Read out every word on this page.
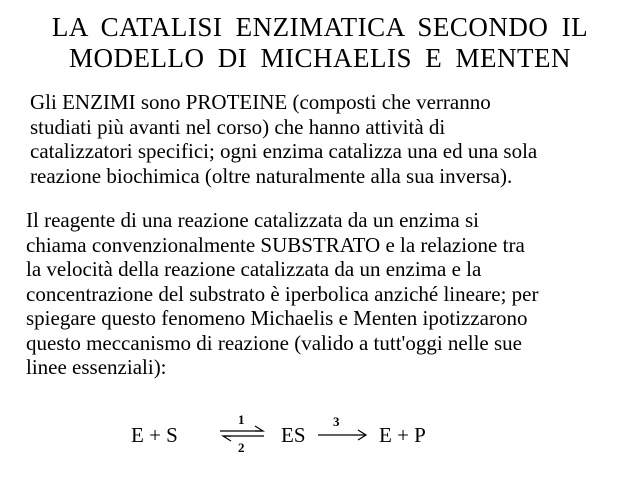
LA CATALISI ENZIMATICA SECONDO IL
MODELLO DI MICHAELIS E MENTEN
Gli ENZIMI sono PROTEINE (composti che verranno
studiati più avanti nel corso) che hanno attività di
catalizzatori specifici; ogni enzima catalizza una ed una sola
reazione biochimica (oltre naturalmente alla sua inversa).
Il reagente di una reazione catalizzata da un enzima si
chiama convenzionalmente SUBSTRATO e la relazione tra
la velocità della reazione catalizzata da un enzima e la
concentrazione del substrato è iperbolica anziché lineare; per
spiegare questo fenomeno Michaelis e Menten ipotizzarono
questo meccanismo di reazione (valido a tutt'oggi nelle sue
linee essenziali):
E + S
1
2
ES
3
E + P
